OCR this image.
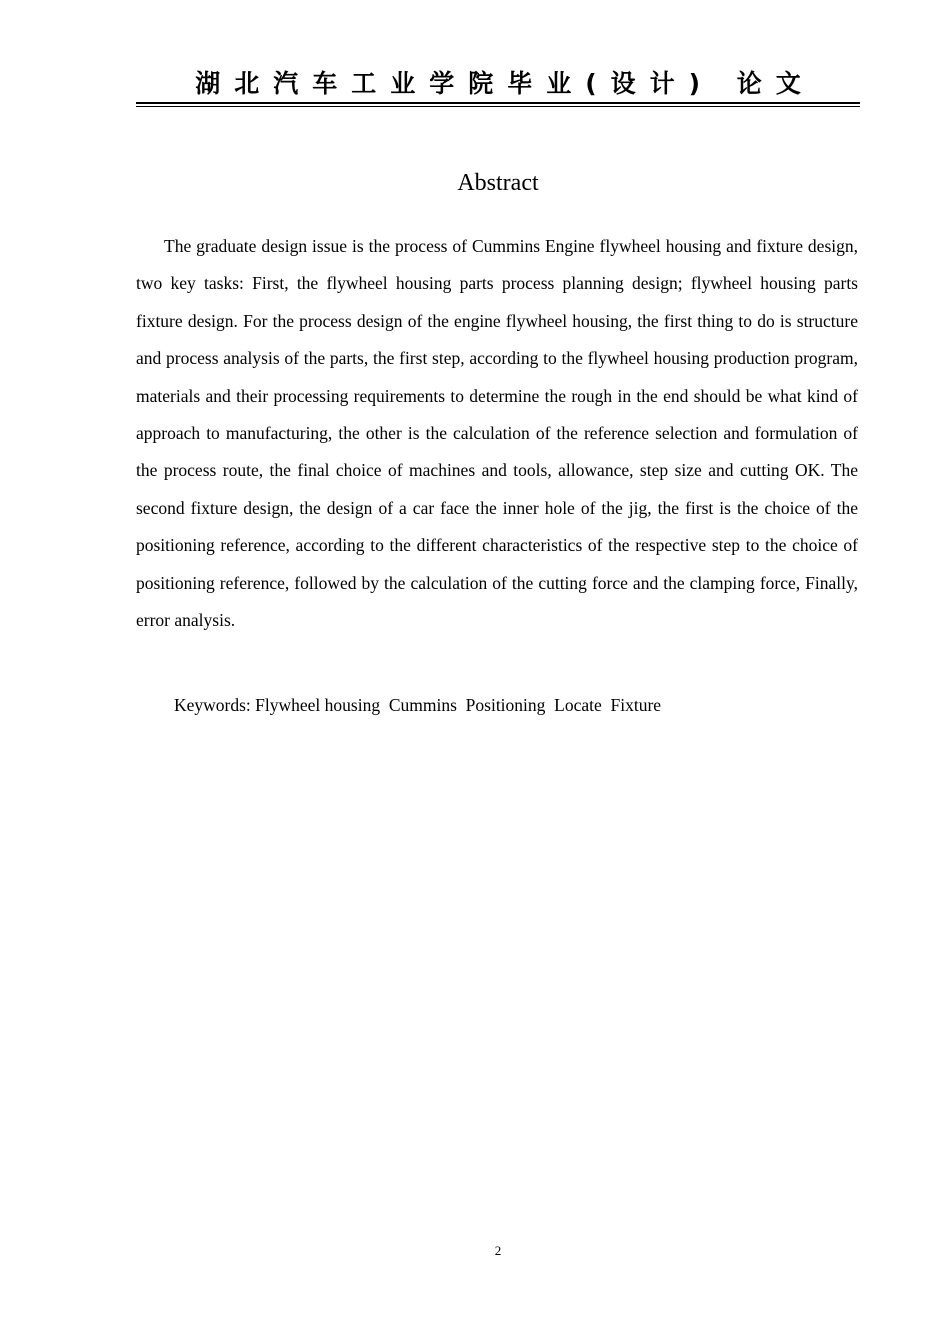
湖北汽车工业学院毕业(设计) 论文
Abstract

The graduate design issue is the process of Cummins Engine flywheel housing and fixture design, two key tasks: First, the flywheel housing parts process planning design; flywheel housing parts fixture design. For the process design of the engine flywheel housing, the first thing to do is structure and process analysis of the parts, the first step, according to the flywheel housing production program, materials and their processing requirements to determine the rough in the end should be what kind of approach to manufacturing, the other is the calculation of the reference selection and formulation of the process route, the final choice of machines and tools, allowance, step size and cutting OK. The second fixture design, the design of a car face the inner hole of the jig, the first is the choice of the positioning reference, according to the different characteristics of the respective step to the choice of positioning reference, followed by the calculation of the cutting force and the clamping force, Finally, error analysis.

Keywords: Flywheel housing  Cummins  Positioning  Locate  Fixture
2
